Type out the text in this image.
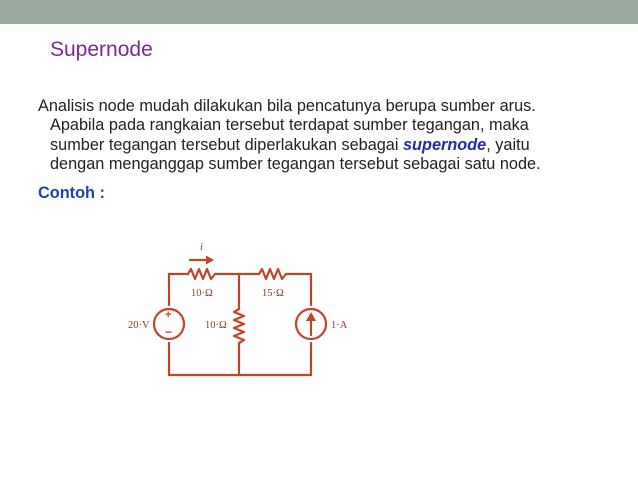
Supernode
Analisis node mudah dilakukan bila pencatunya berupa sumber arus.
Apabila pada rangkaian tersebut terdapat sumber tegangan, maka
sumber tegangan tersebut diperlakukan sebagai supernode, yaitu
dengan menganggap sumber tegangan tersebut sebagai satu node.
Contoh :
i
10·Ω	15·Ω
10·Ω
20·V	1·A
+
−
